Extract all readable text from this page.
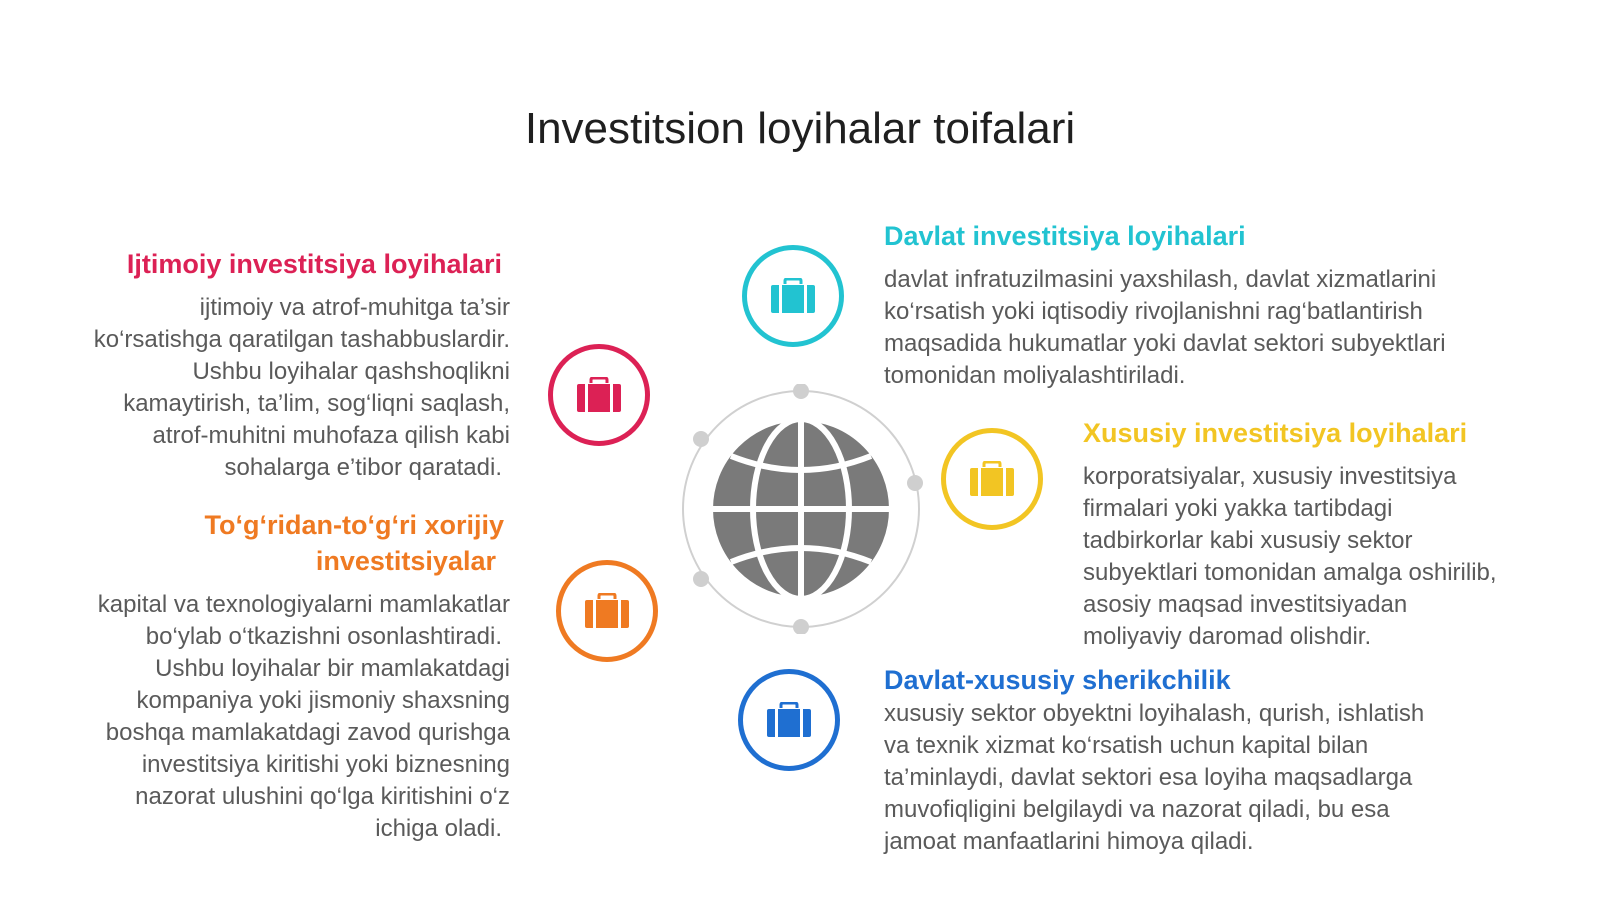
Investitsion loyihalar toifalari
Ijtimoiy investitsiya loyihalari

ijtimoiy va atrof-muhitga ta’sir
ko‘rsatishga qaratilgan tashabbuslardir.
Ushbu loyihalar qashshoqlikni
kamaytirish, ta’lim, sog‘liqni saqlash,
atrof-muhitni muhofaza qilish kabi
sohalarga e’tibor qaratadi.

To‘g‘ridan-to‘g‘ri xorijiy
investitsiyalar

kapital va texnologiyalarni mamlakatlar
bo‘ylab o‘tkazishni osonlashtiradi.
Ushbu loyihalar bir mamlakatdagi
kompaniya yoki jismoniy shaxsning
boshqa mamlakatdagi zavod qurishga
investitsiya kiritishi yoki biznesning
nazorat ulushini qo‘lga kiritishini o‘z
ichiga oladi.

Davlat investitsiya loyihalari

davlat infratuzilmasini yaxshilash, davlat xizmatlarini
ko‘rsatish yoki iqtisodiy rivojlanishni rag‘batlantirish
maqsadida hukumatlar yoki davlat sektori subyektlari
tomonidan moliyalashtiriladi.

Xususiy investitsiya loyihalari

korporatsiyalar, xususiy investitsiya
firmalari yoki yakka tartibdagi
tadbirkorlar kabi xususiy sektor
subyektlari tomonidan amalga oshirilib,
asosiy maqsad investitsiyadan
moliyaviy daromad olishdir.

Davlat-xususiy sherikchilik

xususiy sektor obyektni loyihalash, qurish, ishlatish
va texnik xizmat ko‘rsatish uchun kapital bilan
ta’minlaydi, davlat sektori esa loyiha maqsadlarga
muvofiqligini belgilaydi va nazorat qiladi, bu esa
jamoat manfaatlarini himoya qiladi.
